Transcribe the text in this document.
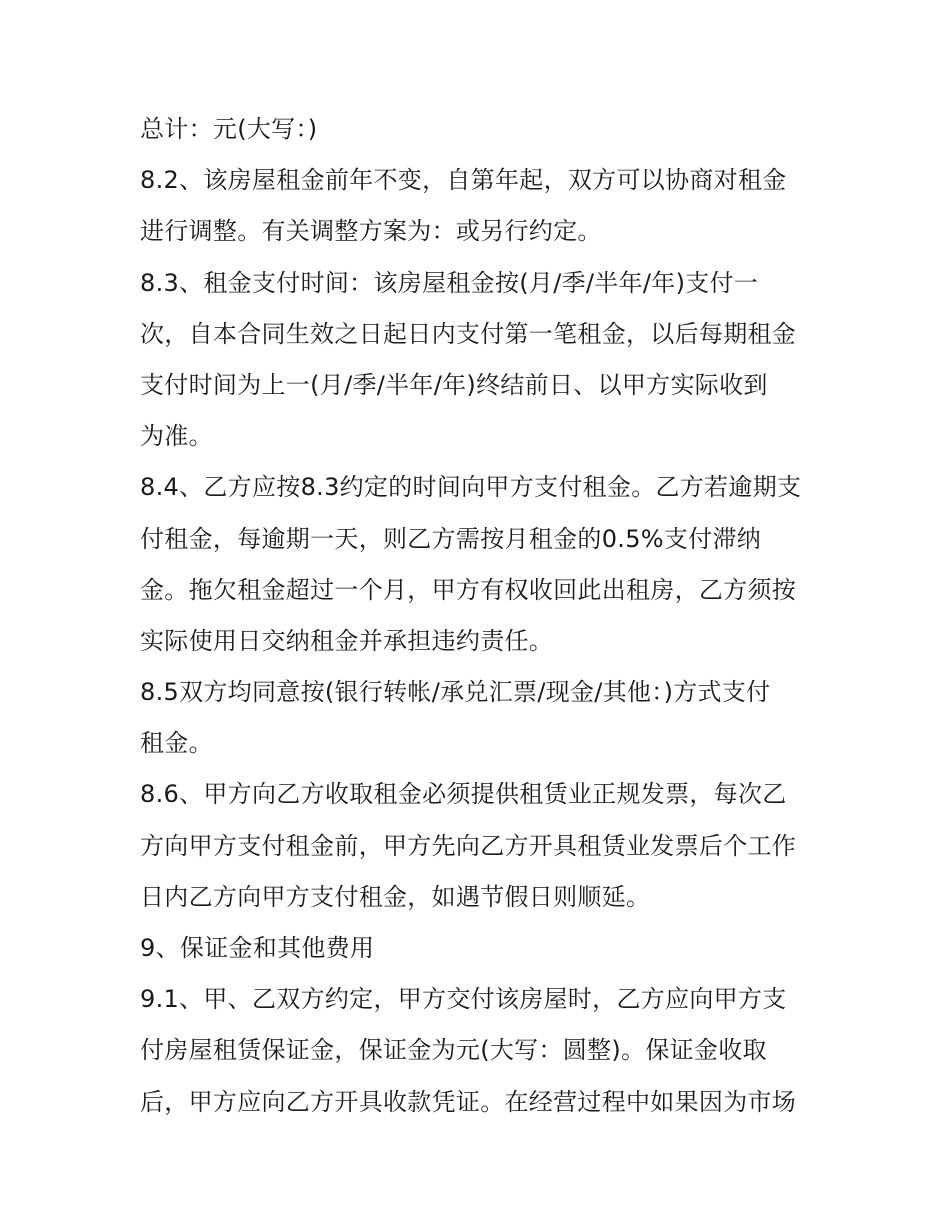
总计：元(大写：)
8.2、该房屋租金前年不变，自第年起，双方可以协商对租金
进行调整。有关调整方案为：或另行约定。
8.3、租金支付时间：该房屋租金按(月/季/半年/年)支付一
次，自本合同生效之日起日内支付第一笔租金，以后每期租金
支付时间为上一(月/季/半年/年)终结前日、以甲方实际收到
为准。
8.4、乙方应按8.3约定的时间向甲方支付租金。乙方若逾期支
付租金，每逾期一天，则乙方需按月租金的0.5%支付滞纳
金。拖欠租金超过一个月，甲方有权收回此出租房，乙方须按
实际使用日交纳租金并承担违约责任。
8.5双方均同意按(银行转帐/承兑汇票/现金/其他：)方式支付
租金。
8.6、甲方向乙方收取租金必须提供租赁业正规发票，每次乙
方向甲方支付租金前，甲方先向乙方开具租赁业发票后个工作
日内乙方向甲方支付租金，如遇节假日则顺延。
9、保证金和其他费用
9.1、甲、乙双方约定，甲方交付该房屋时，乙方应向甲方支
付房屋租赁保证金，保证金为元(大写：圆整)。保证金收取
后，甲方应向乙方开具收款凭证。在经营过程中如果因为市场
